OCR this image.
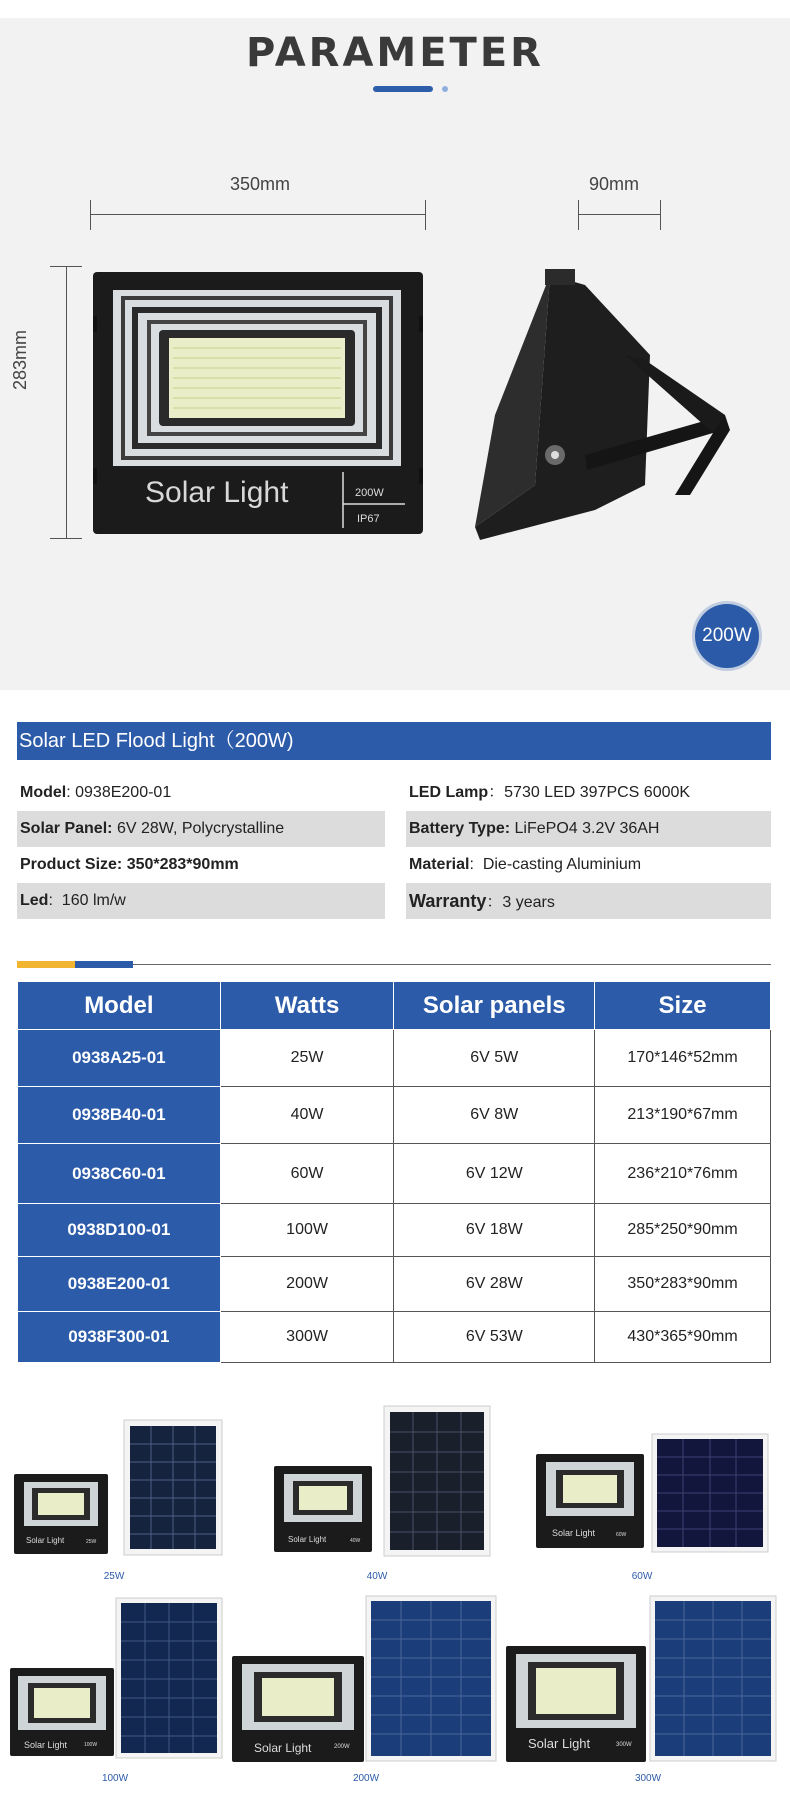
PARAMETER
350mm	90mm
283mm
Solar Light	200W
IP67
200W
Solar LED Flood Light（200W)
Model: 0938E200-01	LED Lamp：5730 LED 397PCS 6000K
Solar Panel: 6V 28W, Polycrystalline	Battery Type: LiFePO4 3.2V 36AH
Product Size: 350*283*90mm	Material: Die-casting Aluminium
Led: 160 lm/w	Warranty：3 years
Model	Watts	Solar panels	Size
0938A25-01	25W	6V 5W	170*146*52mm
0938B40-01	40W	6V 8W	213*190*67mm
0938C60-01	60W	6V 12W	236*210*76mm
0938D100-01	100W	6V 18W	285*250*90mm
0938E200-01	200W	6V 28W	350*283*90mm
0938F300-01	300W	6V 53W	430*365*90mm
Solar Light	25W
25W
Solar Light	40W
40W
Solar Light	60W
60W
Solar Light	100W
100W
Solar Light	200W
200W
Solar Light	300W
300W
